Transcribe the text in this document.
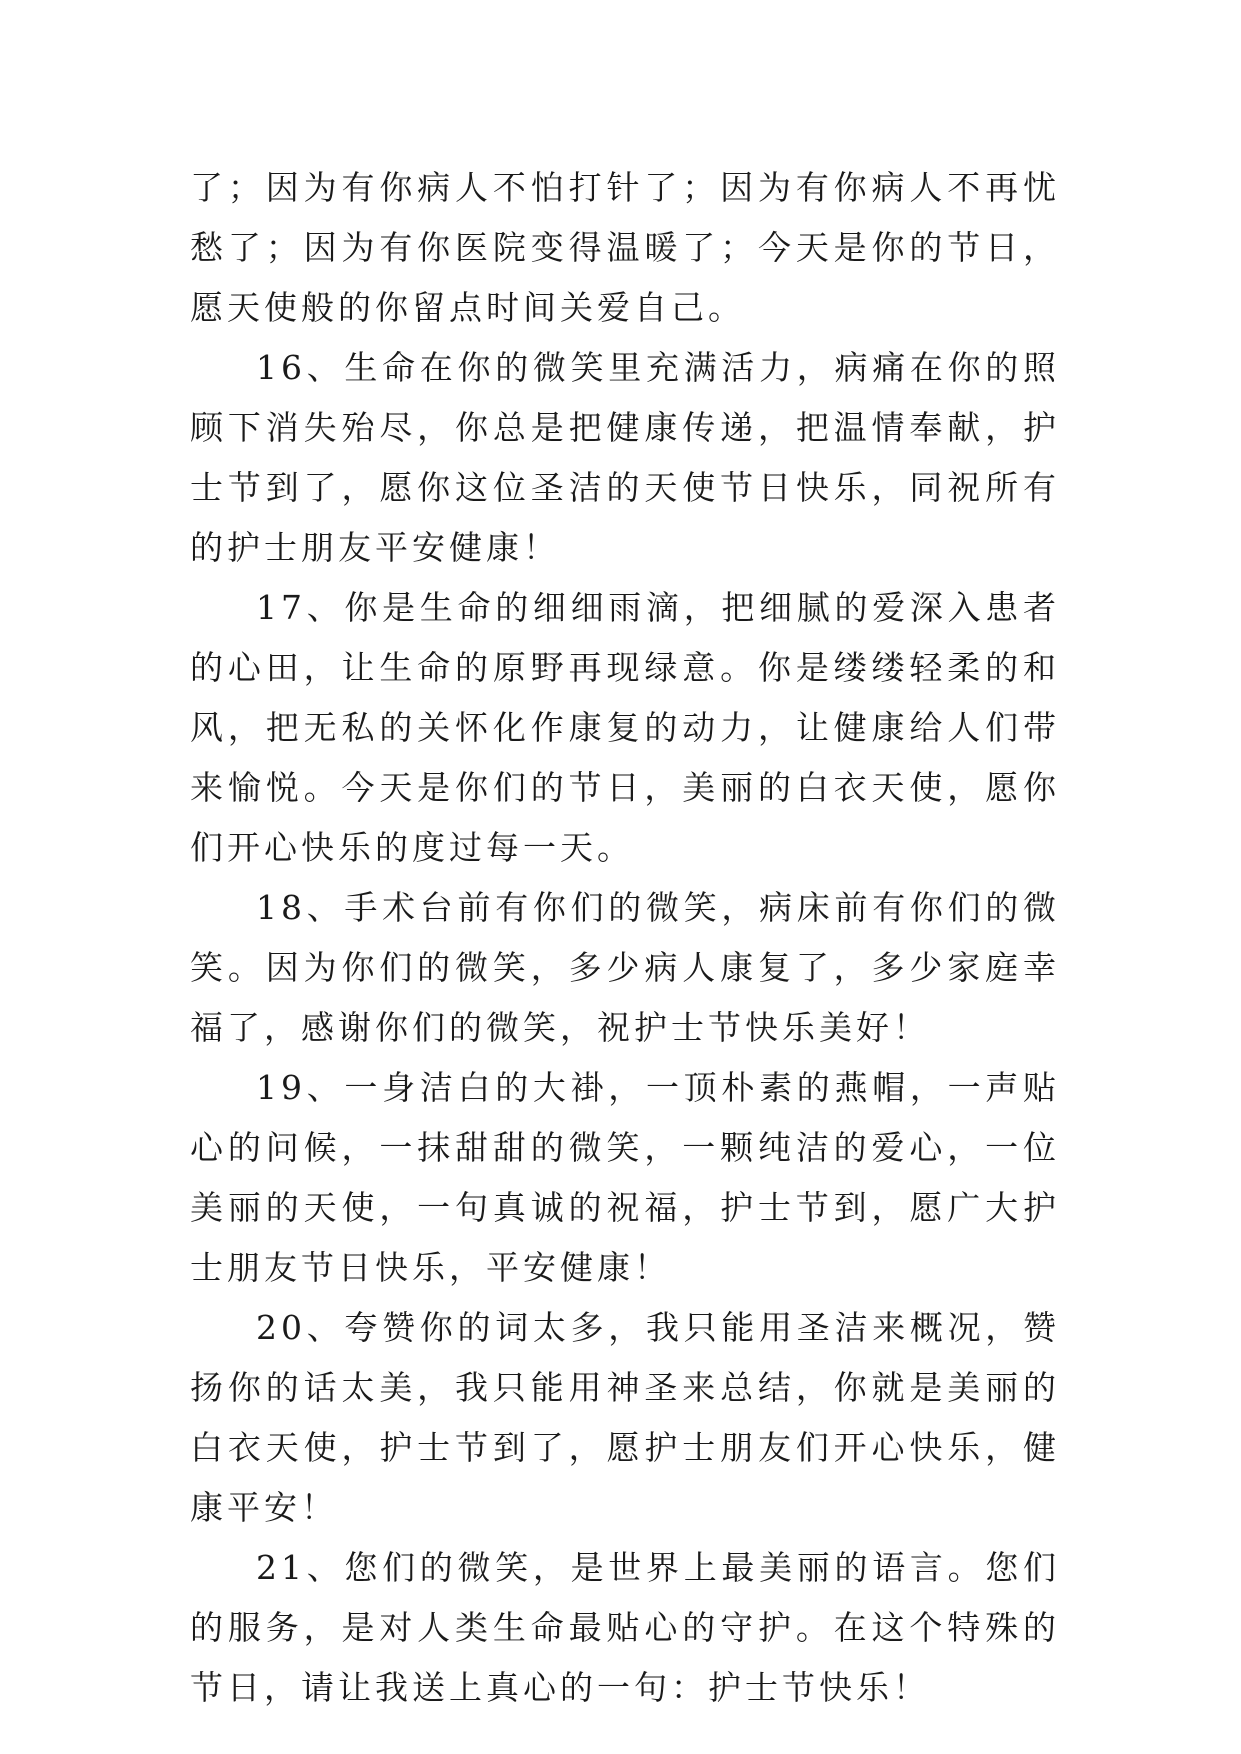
了；因为有你病人不怕打针了；因为有你病人不再忧愁了；因为有你医院变得温暖了；今天是你的节日，愿天使般的你留点时间关爱自己。

16、生命在你的微笑里充满活力，病痛在你的照顾下消失殆尽，你总是把健康传递，把温情奉献，护士节到了，愿你这位圣洁的天使节日快乐，同祝所有的护士朋友平安健康！

17、你是生命的细细雨滴，把细腻的爱深入患者的心田，让生命的原野再现绿意。你是缕缕轻柔的和风，把无私的关怀化作康复的动力，让健康给人们带来愉悦。今天是你们的节日，美丽的白衣天使，愿你们开心快乐的度过每一天。

18、手术台前有你们的微笑，病床前有你们的微笑。因为你们的微笑，多少病人康复了，多少家庭幸福了，感谢你们的微笑，祝护士节快乐美好！

19、一身洁白的大褂，一顶朴素的燕帽，一声贴心的问候，一抹甜甜的微笑，一颗纯洁的爱心，一位美丽的天使，一句真诚的祝福，护士节到，愿广大护士朋友节日快乐，平安健康！

20、夸赞你的词太多，我只能用圣洁来概况，赞扬你的话太美，我只能用神圣来总结，你就是美丽的白衣天使，护士节到了，愿护士朋友们开心快乐，健康平安！

21、您们的微笑，是世界上最美丽的语言。您们的服务，是对人类生命最贴心的守护。在这个特殊的节日，请让我送上真心的一句：护士节快乐！
